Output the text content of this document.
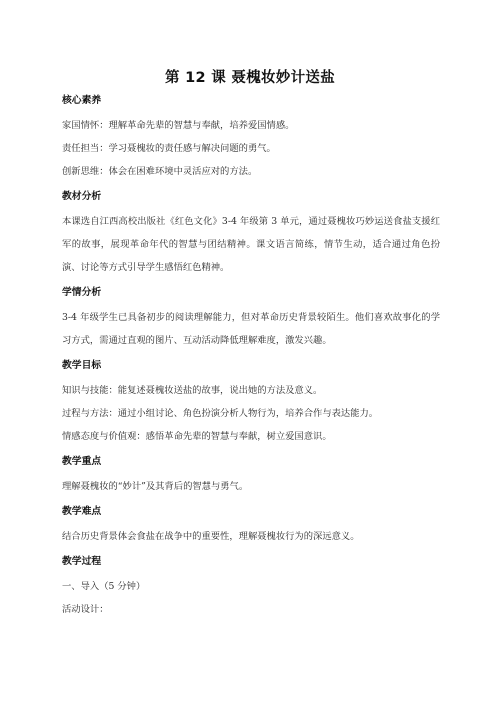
第 12 课 聂槐妆妙计送盐

核心素养

家国情怀：理解革命先辈的智慧与奉献，培养爱国情感。

责任担当：学习聂槐妆的责任感与解决问题的勇气。

创新思维：体会在困难环境中灵活应对的方法。

教材分析

本课选自江西高校出版社《红色文化》3-4 年级第 3 单元，通过聂槐妆巧妙运送食盐支援红军的故事，展现革命年代的智慧与团结精神。课文语言简练，情节生动，适合通过角色扮演、讨论等方式引导学生感悟红色精神。

学情分析

3-4 年级学生已具备初步的阅读理解能力，但对革命历史背景较陌生。他们喜欢故事化的学习方式，需通过直观的图片、互动活动降低理解难度，激发兴趣。

教学目标

知识与技能：能复述聂槐妆送盐的故事，说出她的方法及意义。

过程与方法：通过小组讨论、角色扮演分析人物行为，培养合作与表达能力。

情感态度与价值观：感悟革命先辈的智慧与奉献，树立爱国意识。

教学重点

理解聂槐妆的“妙计”及其背后的智慧与勇气。

教学难点

结合历史背景体会食盐在战争中的重要性，理解聂槐妆行为的深远意义。

教学过程

一、导入（5 分钟）

活动设计：
